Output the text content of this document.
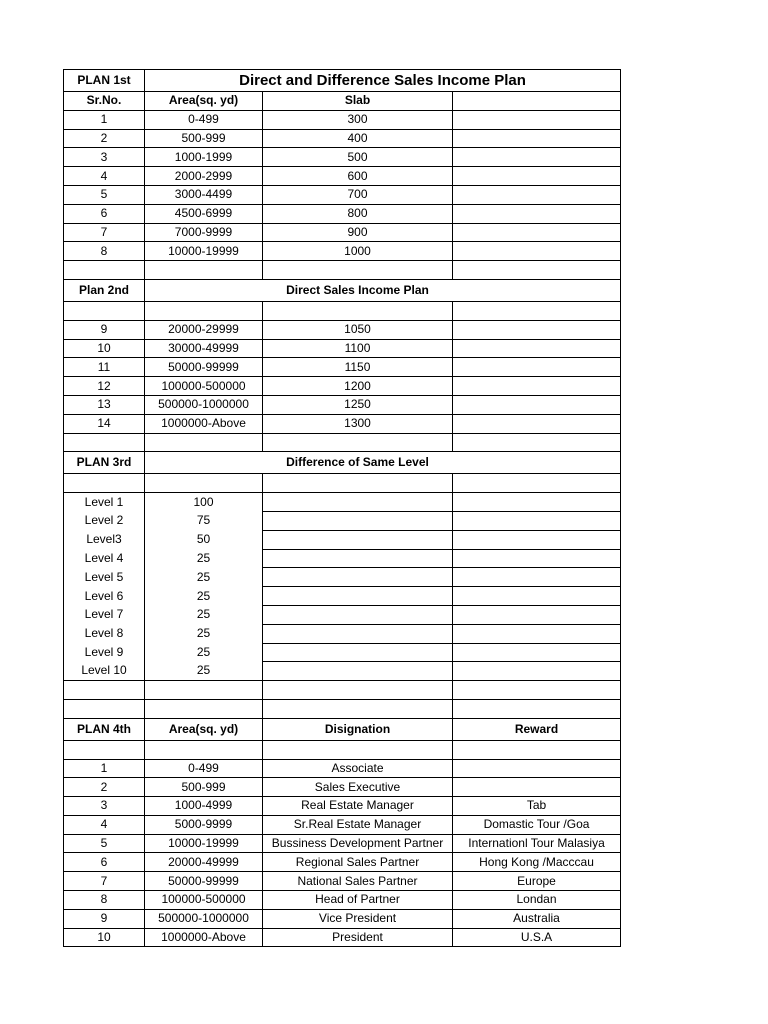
PLAN 1st	Direct and Difference Sales Income Plan		
Sr.No.	Area(sq. yd)	Slab	
1	0-499	300	
2	500-999	400	
3	1000-1999	500	
4	2000-2999	600	
5	3000-4499	700	
6	4500-6999	800	
7	7000-9999	900	
8	10000-19999	1000	

Plan 2nd		Direct Sales Income Plan	

9	20000-29999	1050	
10	30000-49999	1100	
11	50000-99999	1150	
12	100000-500000	1200	
13	500000-1000000	1250	
14	1000000-Above	1300	

PLAN 3rd		Difference of Same Level	

Level 1	100		
Level 2	75		
Level3	50		
Level 4	25		
Level 5	25		
Level 6	25		
Level 7	25		
Level 8	25		
Level 9	25		
Level 10	25		

PLAN 4th	Area(sq. yd)	Disignation	Reward

1	0-499	Associate	
2	500-999	Sales Executive	
3	1000-4999	Real Estate Manager	Tab
4	5000-9999	Sr.Real Estate Manager	Domastic Tour /Goa
5	10000-19999	Bussiness Development Partner	Internationl Tour Malasiya
6	20000-49999	Regional Sales Partner	Hong Kong /Macccau
7	50000-99999	National Sales Partner	Europe
8	100000-500000	Head of Partner	Londan
9	500000-1000000	Vice President	Australia
10	1000000-Above	President	U.S.A
